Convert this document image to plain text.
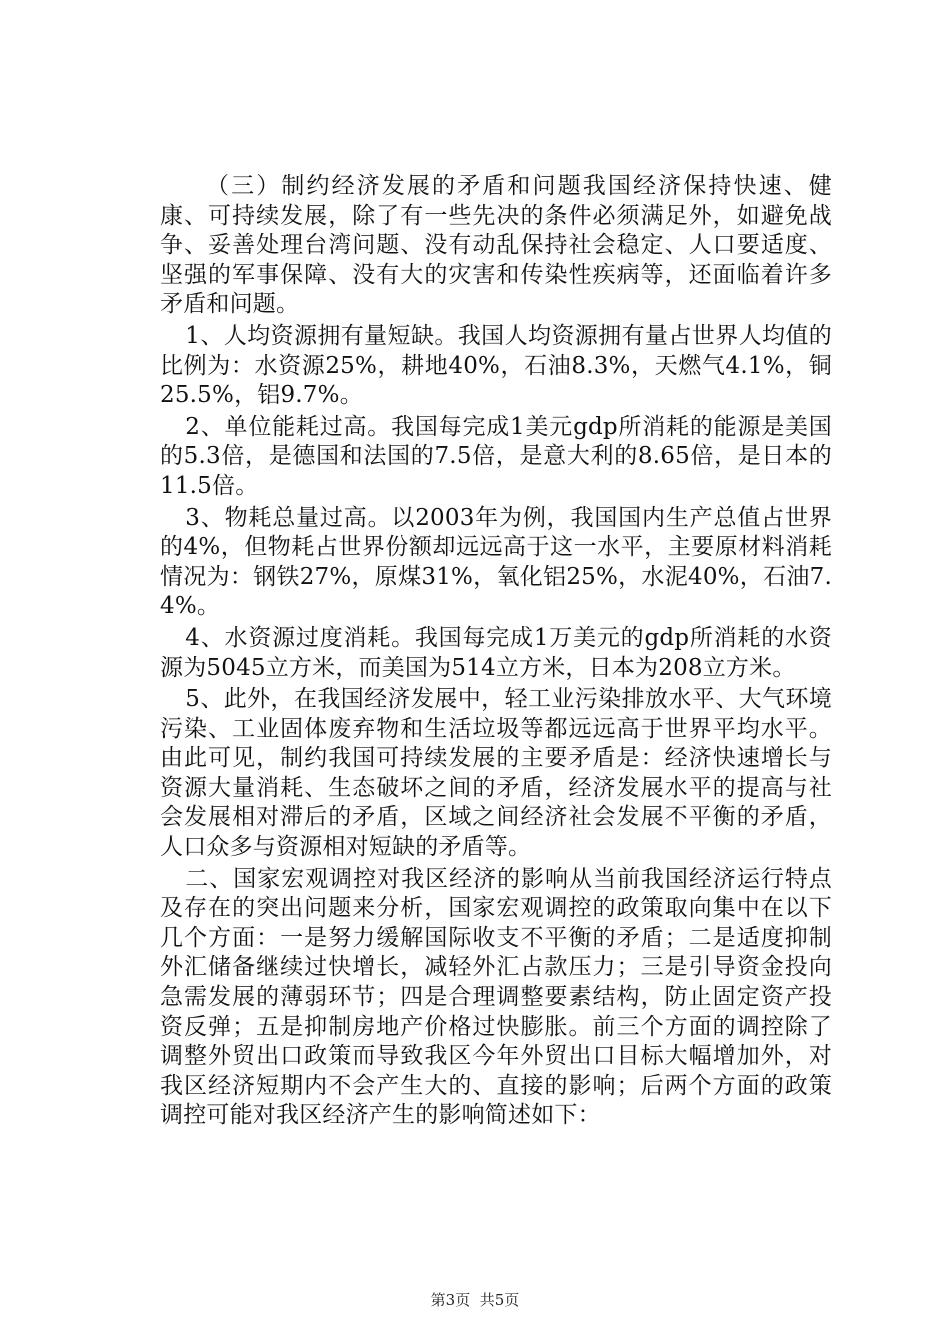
（三）制约经济发展的矛盾和问题我国经济保持快速、健康、可持续发展，除了有一些先决的条件必须满足外，如避免战争、妥善处理台湾问题、没有动乱保持社会稳定、人口要适度、坚强的军事保障、没有大的灾害和传染性疾病等，还面临着许多矛盾和问题。

1、人均资源拥有量短缺。我国人均资源拥有量占世界人均值的比例为：水资源25%，耕地40%，石油8.3%，天燃气4.1%，铜25.5%，铝9.7%。

2、单位能耗过高。我国每完成1美元gdp所消耗的能源是美国的5.3倍，是德国和法国的7.5倍，是意大利的8.65倍，是日本的11.5倍。

3、物耗总量过高。以2003年为例，我国国内生产总值占世界的4%，但物耗占世界份额却远远高于这一水平，主要原材料消耗情况为：钢铁27%，原煤31%，氧化铝25%，水泥40%，石油7.4%。

4、水资源过度消耗。我国每完成1万美元的gdp所消耗的水资源为5045立方米，而美国为514立方米，日本为208立方米。

5、此外，在我国经济发展中，轻工业污染排放水平、大气环境污染、工业固体废弃物和生活垃圾等都远远高于世界平均水平。由此可见，制约我国可持续发展的主要矛盾是：经济快速增长与资源大量消耗、生态破坏之间的矛盾，经济发展水平的提高与社会发展相对滞后的矛盾，区域之间经济社会发展不平衡的矛盾，人口众多与资源相对短缺的矛盾等。

二、国家宏观调控对我区经济的影响从当前我国经济运行特点及存在的突出问题来分析，国家宏观调控的政策取向集中在以下几个方面：一是努力缓解国际收支不平衡的矛盾；二是适度抑制外汇储备继续过快增长，减轻外汇占款压力；三是引导资金投向急需发展的薄弱环节；四是合理调整要素结构，防止固定资产投资反弹；五是抑制房地产价格过快膨胀。前三个方面的调控除了调整外贸出口政策而导致我区今年外贸出口目标大幅增加外，对我区经济短期内不会产生大的、直接的影响；后两个方面的政策调控可能对我区经济产生的影响简述如下：

第3页 共5页
